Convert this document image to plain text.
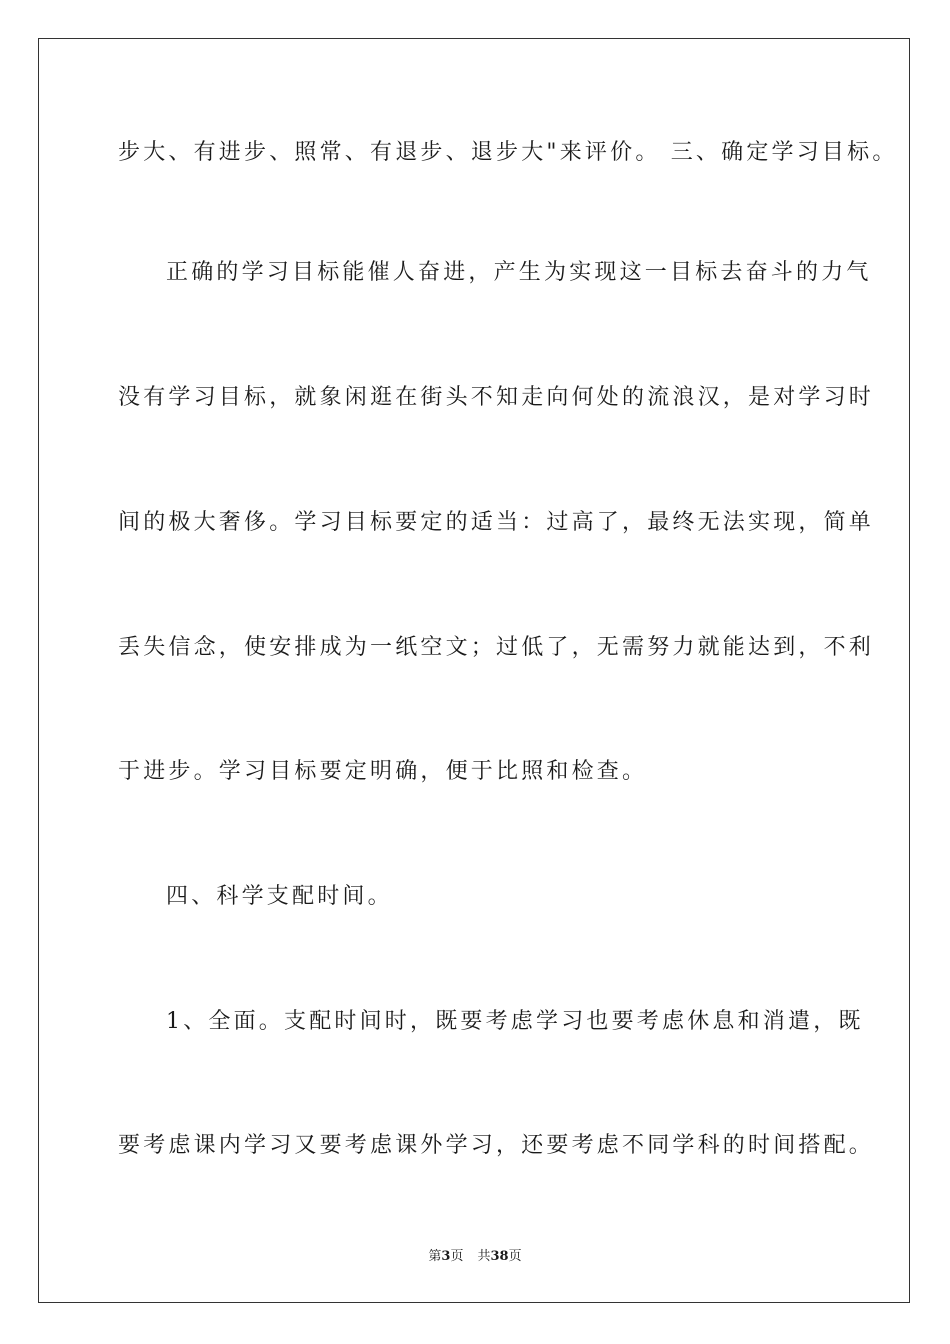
步大、有进步、照常、有退步、退步大"来评价。 三、确定学习目标。
正确的学习目标能催人奋进，产生为实现这一目标去奋斗的力气
没有学习目标，就象闲逛在街头不知走向何处的流浪汉，是对学习时
间的极大奢侈。学习目标要定的适当：过高了，最终无法实现，简单
丢失信念，使安排成为一纸空文；过低了，无需努力就能达到，不利
于进步。学习目标要定明确，便于比照和检查。
四、科学支配时间。
1、全面。支配时间时，既要考虑学习也要考虑休息和消遣，既
要考虑课内学习又要考虑课外学习，还要考虑不同学科的时间搭配。
第3页 共38页
